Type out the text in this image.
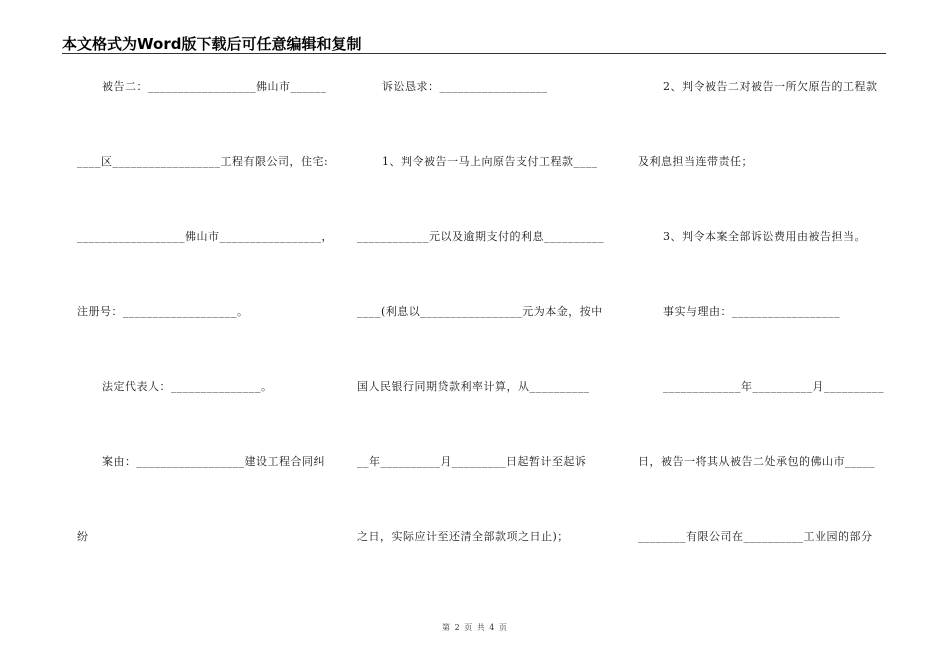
本文格式为Word版下载后可任意编辑和复制
被告二：__________________佛山市______
____区__________________工程有限公司，住宅:
__________________佛山市_________________，
注册号：___________________。
法定代表人：_______________。
案由：__________________建设工程合同纠
纷
诉讼恳求：__________________
1、判令被告一马上向原告支付工程款____
____________元以及逾期支付的利息__________
____(利息以_________________元为本金，按中
国人民银行同期贷款利率计算，从__________
__年__________月_________日起暂计至起诉
之日，实际应计至还清全部款项之日止)；
2、判令被告二对被告一所欠原告的工程款
及利息担当连带责任；
3、判令本案全部诉讼费用由被告担当。
事实与理由：__________________
_____________年__________月__________
日，被告一将其从被告二处承包的佛山市_____
________有限公司在__________工业园的部分
第 2 页 共 4 页
